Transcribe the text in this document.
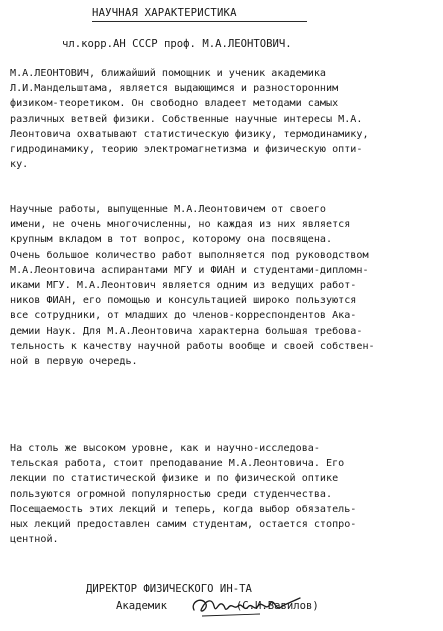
НАУЧНАЯ ХАРАКТЕРИСТИКА
чл.корр.АН СССР проф. М.А.ЛЕОНТОВИЧ.
М.А.ЛЕОНТОВИЧ, ближайший помощник и ученик академика
Л.И.Мандельштама, является выдающимся и разносторонним
физиком-теоретиком. Он свободно владеет методами самых
различных ветвей физики. Собственные научные интересы М.А.
Леонтовича охватывают статистическую физику, термодинамику,
гидродинамику, теорию электромагнетизма и физическую опти-
ку.
Научные работы, выпущенные М.А.Леонтовичем от своего
имени, не очень многочисленны, но каждая из них является
крупным вкладом в тот вопрос, которому она посвящена.
Очень большое количество работ выполняется под руководством
М.А.Леонтовича аспирантами МГУ и ФИАН и студентами-дипломн-
иками МГУ. М.А.Леонтович является одним из ведущих работ-
ников ФИАН, его помощью и консультацией широко пользуются
все сотрудники, от младших до членов-корреспондентов Ака-
демии Наук. Для М.А.Леонтовича характерна большая требова-
тельность к качеству научной работы вообще и своей собствен-
ной в первую очередь.
На столь же высоком уровне, как и научно-исследова-
тельская работа, стоит преподавание М.А.Леонтовича. Его
лекции по статистической физике и по физической оптике
пользуются огромной популярностью среди студенчества.
Посещаемость этих лекций и теперь, когда выбор обязатель-
ных лекций предоставлен самим студентам, остается стопро-
центной.
ДИРЕКТОР ФИЗИЧЕСКОГО ИН-ТА
Академик	(С.И.Вавилов)
